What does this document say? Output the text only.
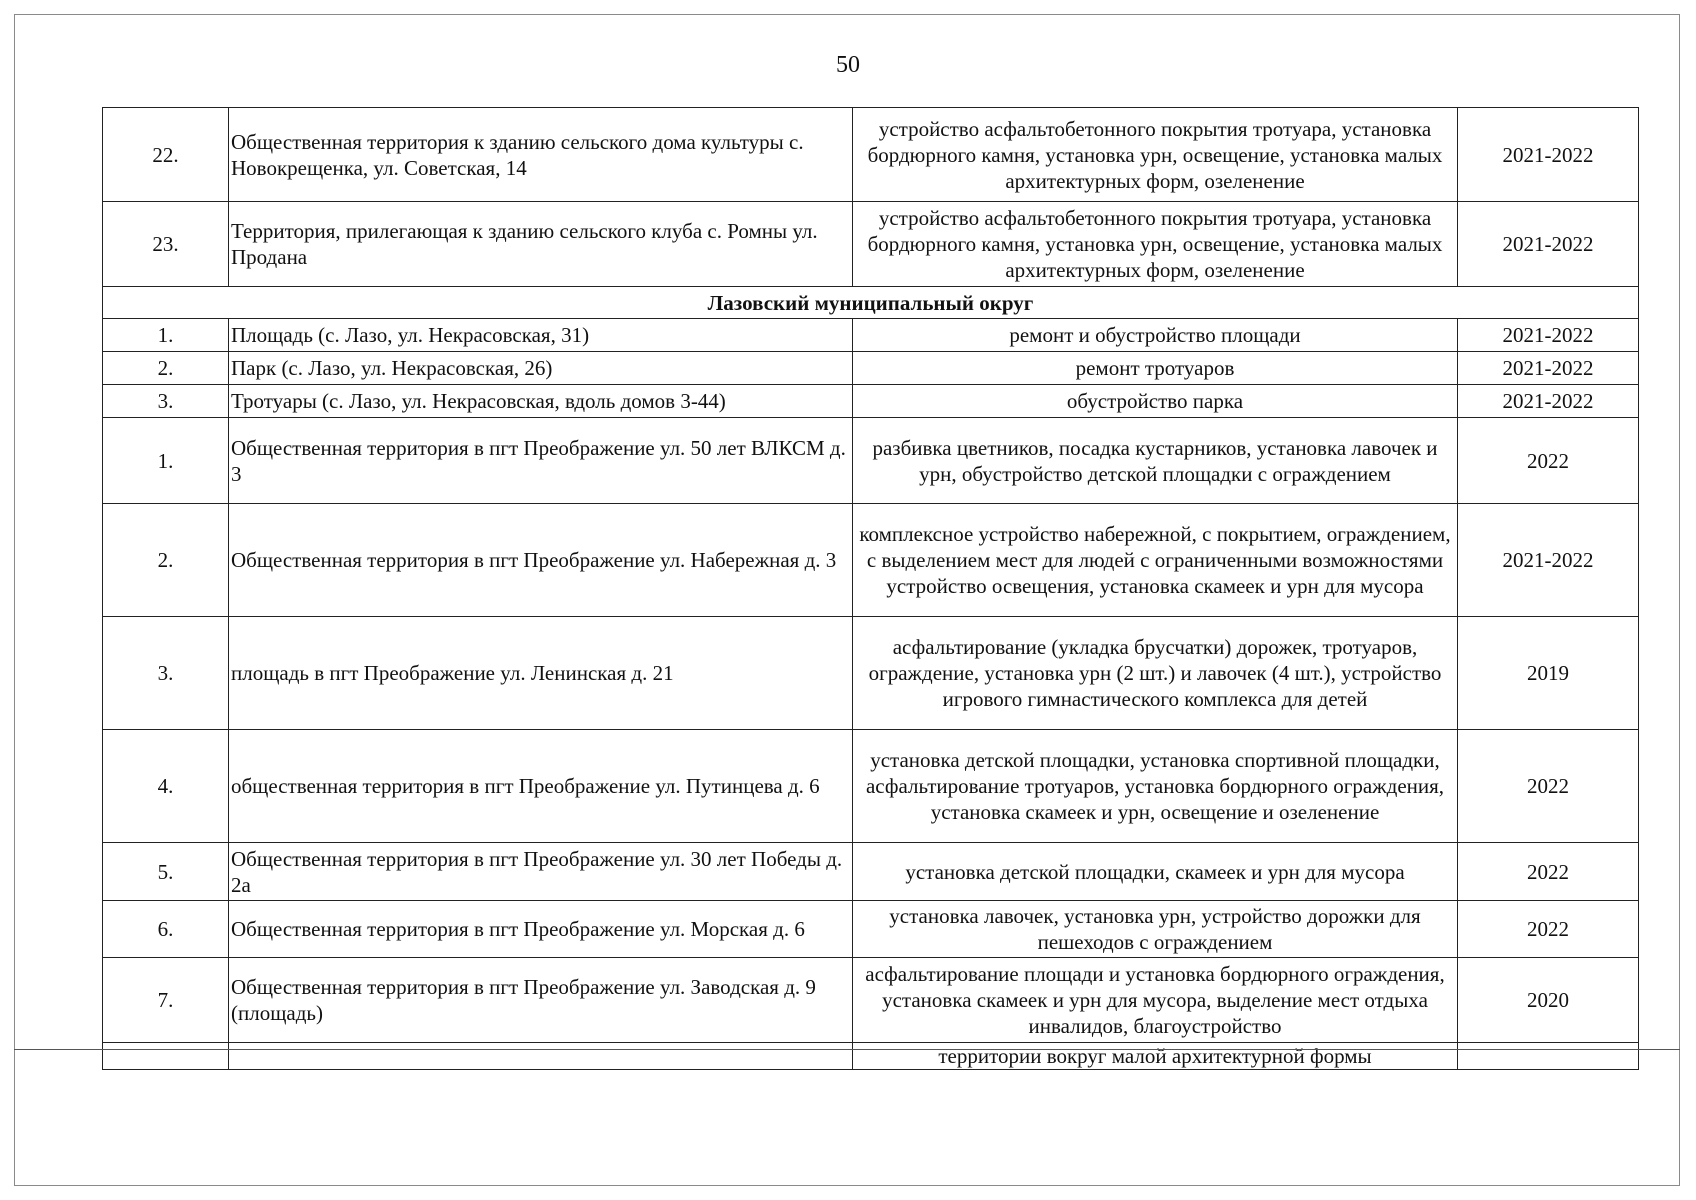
50
22.	Общественная территория к зданию сельского дома культуры с. Новокрещенка, ул. Советская, 14	устройство асфальтобетонного покрытия тротуара, установка бордюрного камня, установка урн, освещение, установка малых архитектурных форм, озеленение	2021-2022
23.	Территория, прилегающая к зданию сельского клуба с. Ромны ул. Продана	устройство асфальтобетонного покрытия тротуара, установка бордюрного камня, установка урн, освещение, установка малых архитектурных форм, озеленение	2021-2022
Лазовский муниципальный округ			
1.	Площадь (с. Лазо, ул. Некрасовская, 31)	ремонт и обустройство площади	2021-2022
2.	Парк (с. Лазо, ул. Некрасовская, 26)	ремонт тротуаров	2021-2022
3.	Тротуары (с. Лазо, ул. Некрасовская, вдоль домов 3-44)	обустройство парка	2021-2022
1.	Общественная территория в пгт Преображение ул. 50 лет ВЛКСМ д. 3	разбивка цветников, посадка кустарников, установка лавочек и урн, обустройство детской площадки с ограждением	2022
2.	Общественная территория в пгт Преображение ул. Набережная д. 3	комплексное устройство набережной, с покрытием, ограждением, с выделением мест для людей с ограниченными возможностями устройство освещения, установка скамеек и урн для мусора	2021-2022
3.	площадь в пгт Преображение ул. Ленинская д. 21	асфальтирование (укладка брусчатки) дорожек, тротуаров, ограждение, установка урн (2 шт.) и лавочек (4 шт.), устройство игрового гимнастического комплекса для детей	2019
4.	общественная территория в пгт Преображение ул. Путинцева д. 6	установка детской площадки, установка спортивной площадки, асфальтирование тротуаров, установка бордюрного ограждения, установка скамеек и урн, освещение и озеленение	2022
5.	Общественная территория в пгт Преображение ул. 30 лет Победы д. 2а	установка детской площадки, скамеек и урн для мусора	2022
6.	Общественная территория в пгт Преображение ул. Морская д. 6	установка лавочек, установка урн, устройство дорожки для пешеходов с ограждением	2022
7.	Общественная территория в пгт Преображение ул. Заводская д. 9 (площадь)	асфальтирование площади и установка бордюрного ограждения, установка скамеек и урн для мусора, выделение мест отдыха инвалидов, благоустройство	2020
		территории вокруг малой архитектурной формы	
